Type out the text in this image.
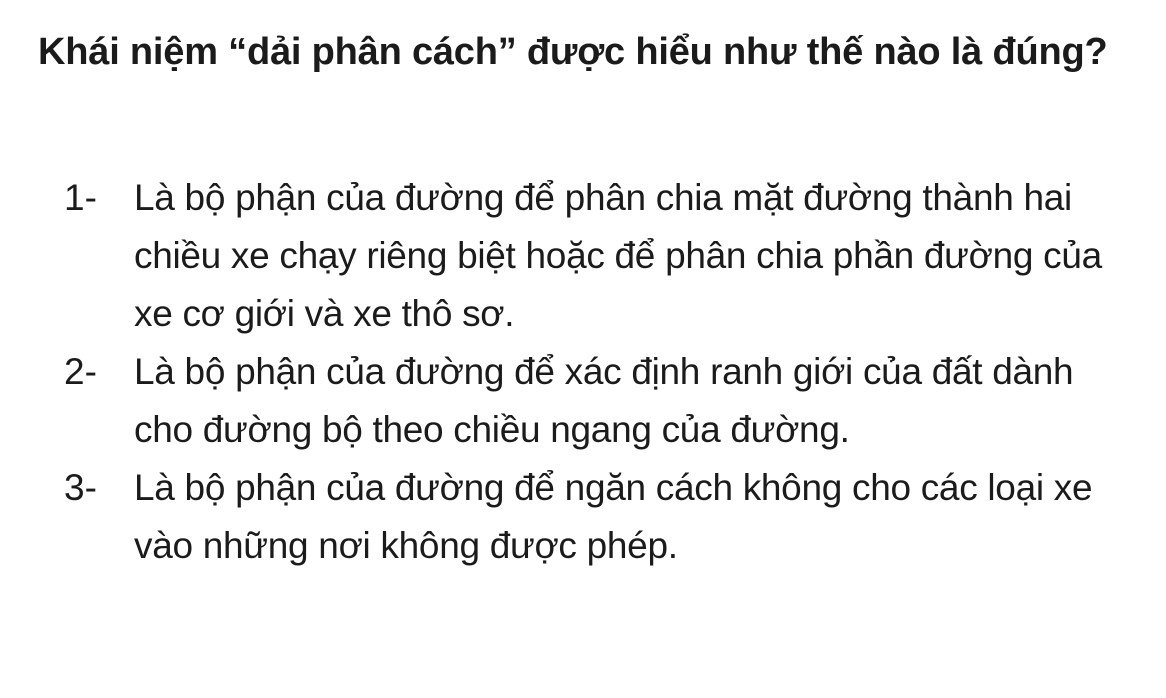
Khái niệm “dải phân cách” được hiểu như thế nào là đúng?
1-	Là bộ phận của đường để phân chia mặt đường thành hai chiều xe chạy riêng biệt hoặc để phân chia phần đường của xe cơ giới và xe thô sơ.
2-	Là bộ phận của đường để xác định ranh giới của đất dành cho đường bộ theo chiều ngang của đường.
3-	Là bộ phận của đường để ngăn cách không cho các loại xe vào những nơi không được phép.
